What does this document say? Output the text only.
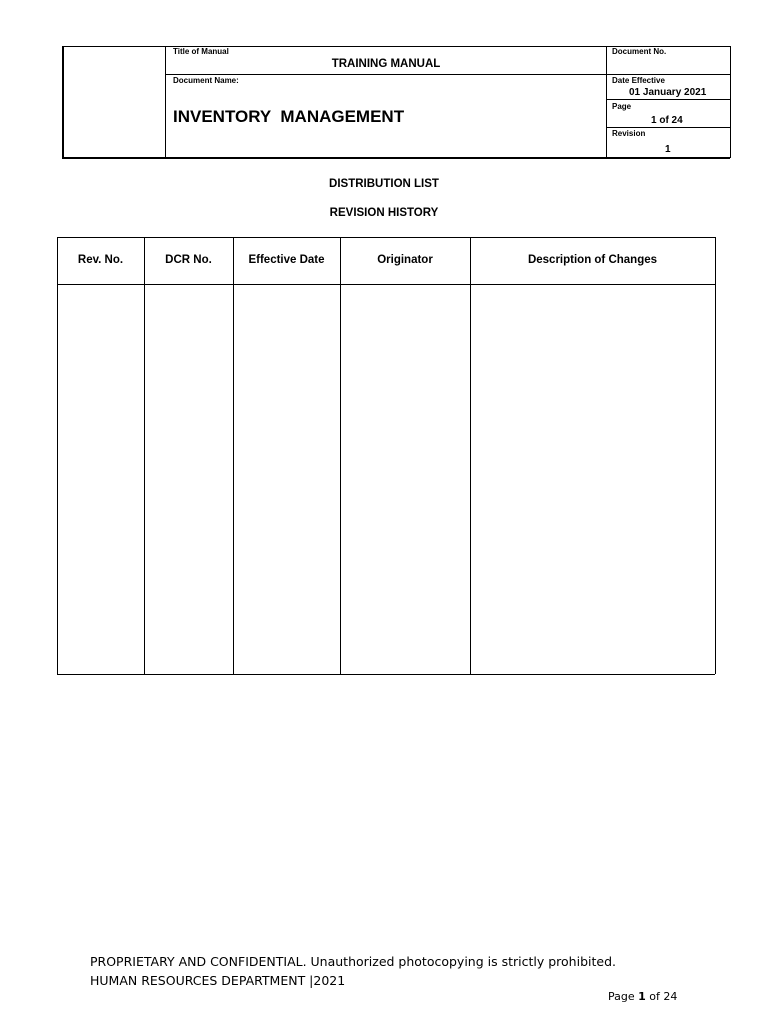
Title of Manual
TRAINING MANUAL
Document Name:
INVENTORY  MANAGEMENT
Document No.
Date Effective
01 January 2021
Page
1 of 24
Revision
1
DISTRIBUTION LIST
REVISION HISTORY
Rev. No.	DCR No.	Effective Date	Originator	Description of Changes
PROPRIETARY AND CONFIDENTIAL. Unauthorized photocopying is strictly prohibited.
HUMAN RESOURCES DEPARTMENT |2021
Page 1 of 24
